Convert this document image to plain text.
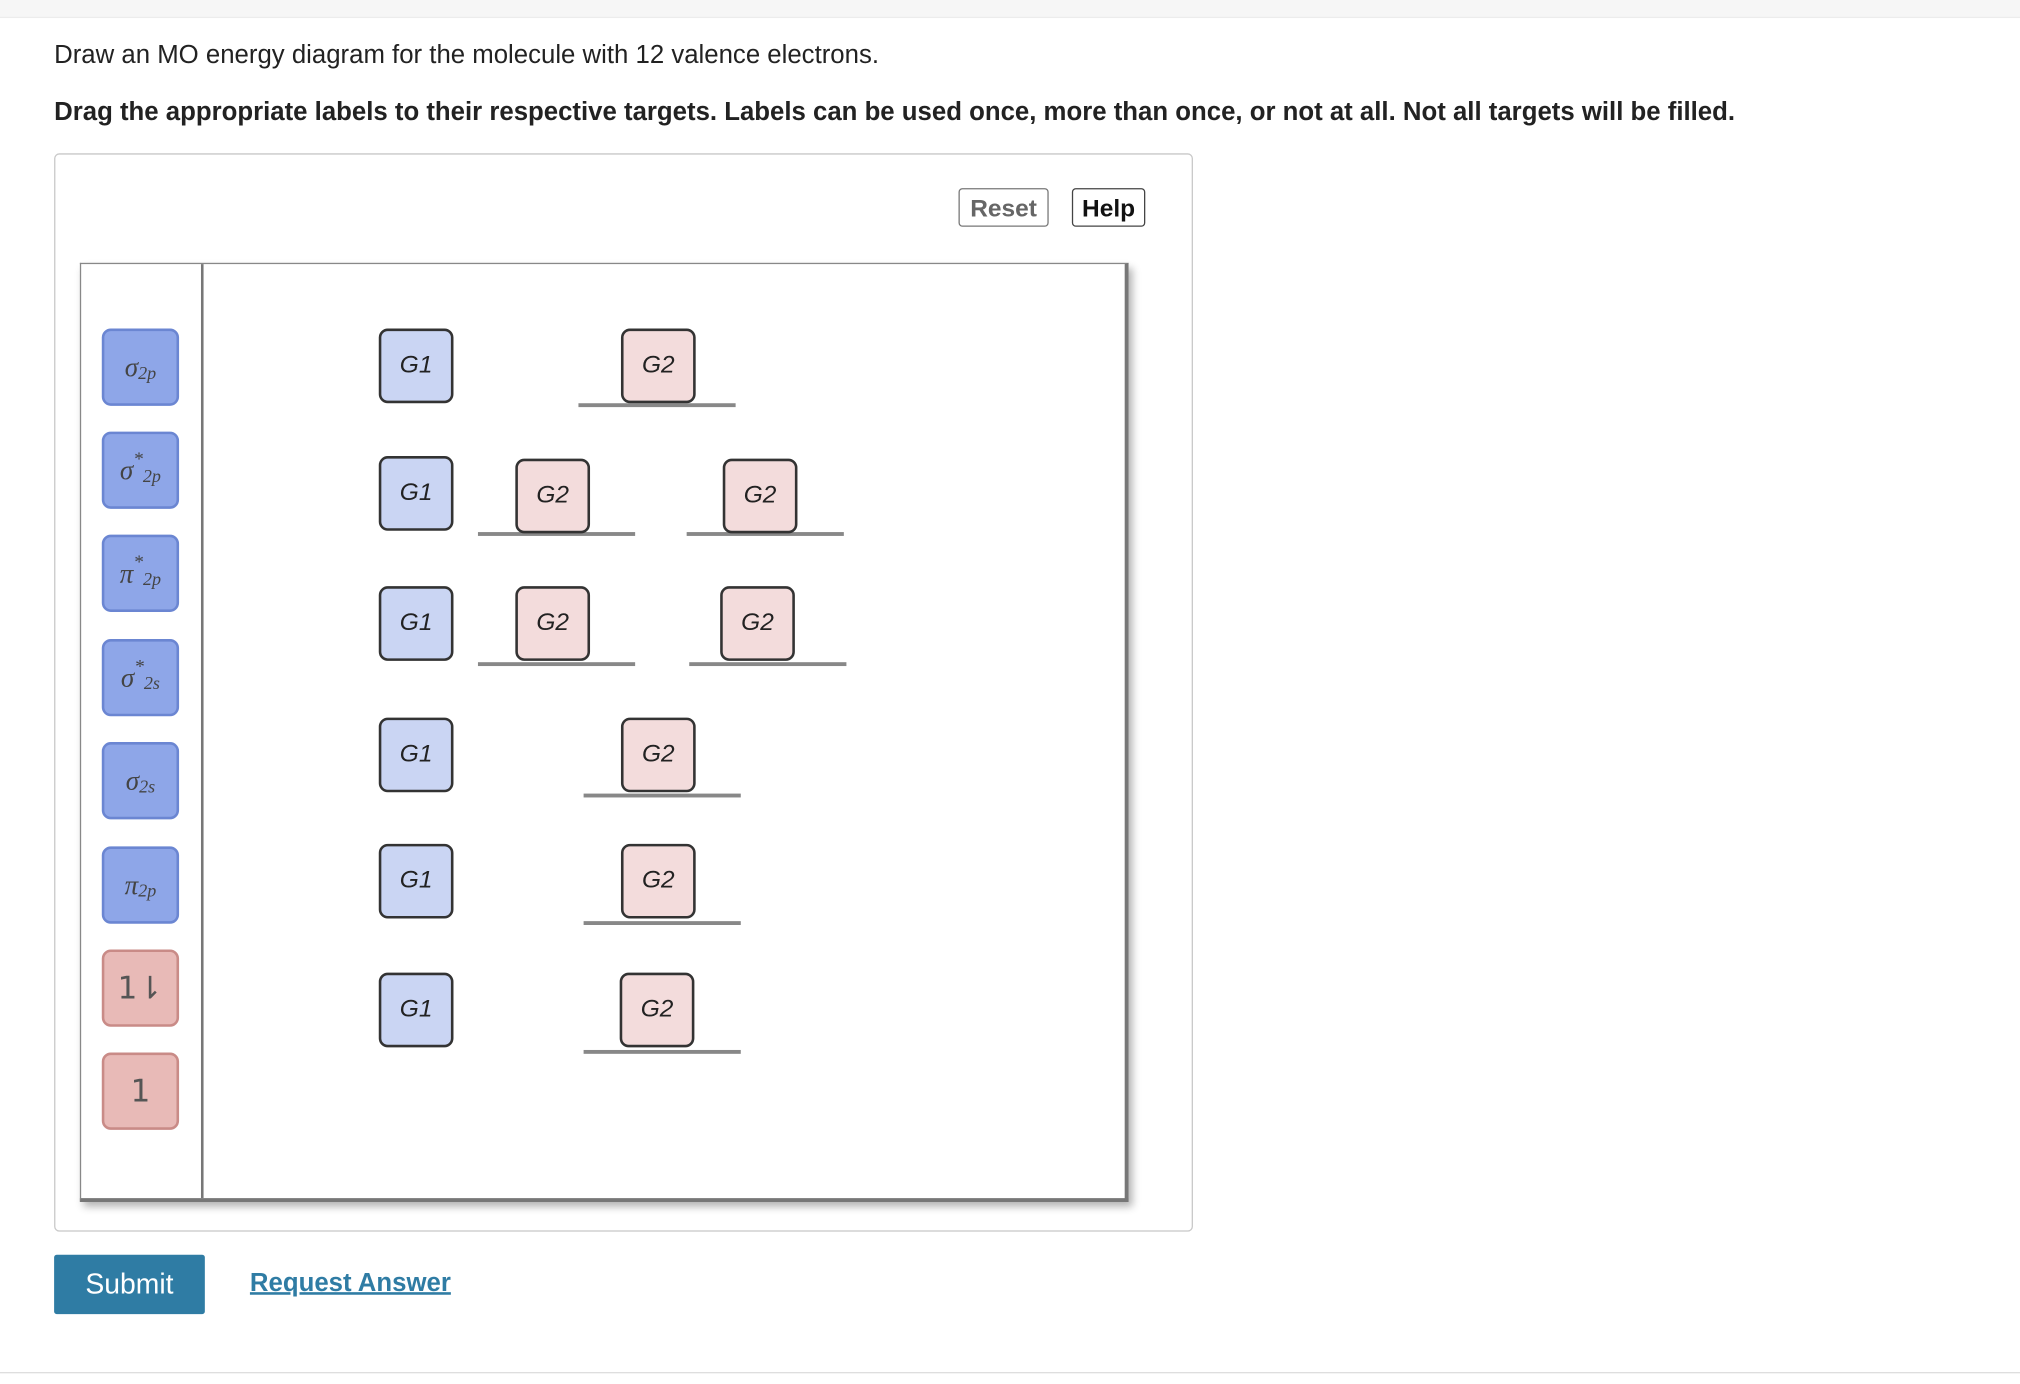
Draw an MO energy diagram for the molecule with 12 valence electrons.
Drag the appropriate labels to their respective targets. Labels can be used once, more than once, or not at all. Not all targets will be filled.
Reset	Help
σ 2p
σ *
2p
π *
2p
σ *
2s
σ 2s
π 2p
1⇂
1
G1
G1
G1
G1
G1
G1
G2
G2	G2
G2	G2
G2
G2
G2
Submit	Request Answer
